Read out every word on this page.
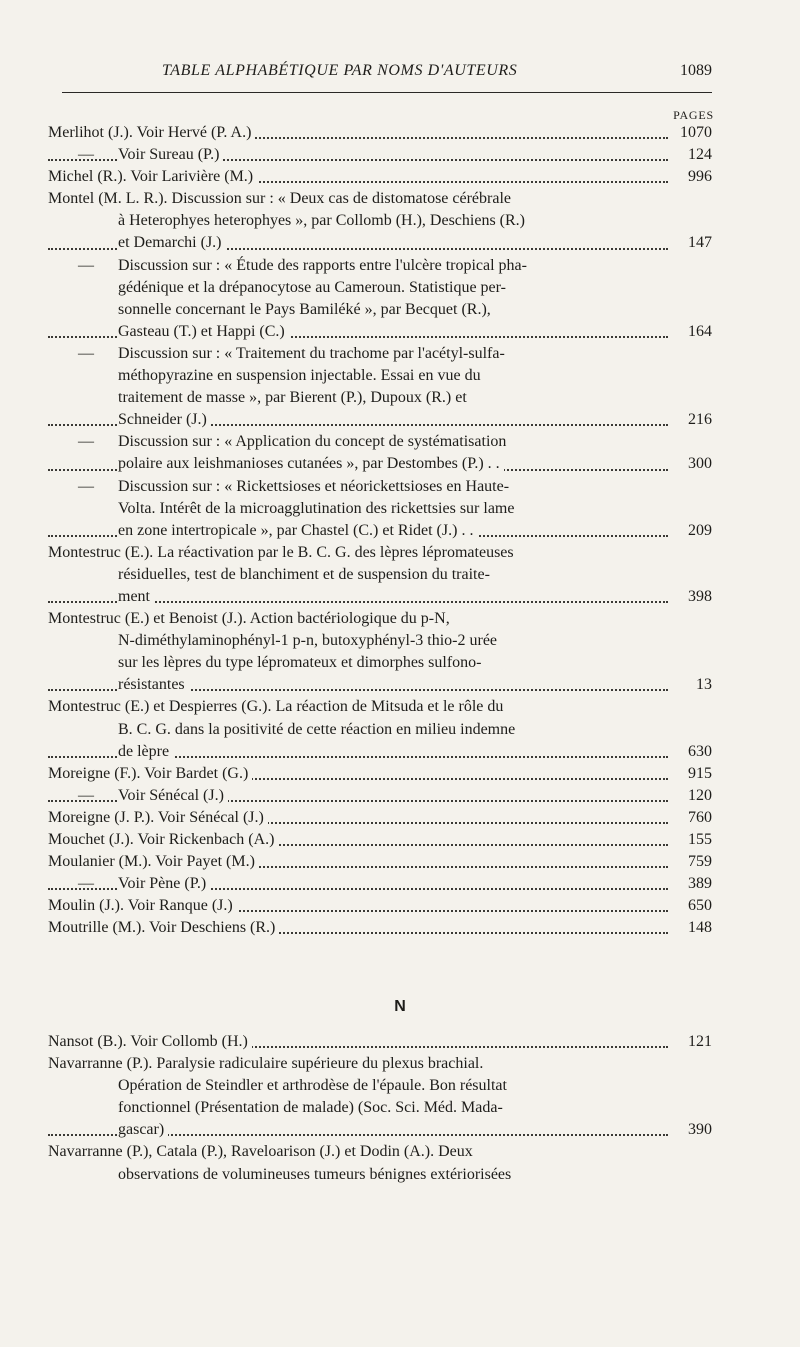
TABLE ALPHABÉTIQUE PAR NOMS D'AUTEURS	1089
PAGES
Merlihot (J.). Voir Hervé (P. A.)	1070
— Voir Sureau (P.)	124
Michel (R.). Voir Larivière (M.)	996
Montel (M. L. R.). Discussion sur : « Deux cas de distomatose cérébrale
à Heterophyes heterophyes », par Collomb (H.), Deschiens (R.)
et Demarchi (J.)	147
— Discussion sur : « Étude des rapports entre l'ulcère tropical pha-
gédénique et la drépanocytose au Cameroun. Statistique per-
sonnelle concernant le Pays Bamiléké », par Becquet (R.),
Gasteau (T.) et Happi (C.)	164
— Discussion sur : « Traitement du trachome par l'acétyl-sulfa-
méthopyrazine en suspension injectable. Essai en vue du
traitement de masse », par Bierent (P.), Dupoux (R.) et
Schneider (J.)	216
— Discussion sur : « Application du concept de systématisation
polaire aux leishmanioses cutanées », par Destombes (P.) . .	300
— Discussion sur : « Rickettsioses et néorickettsioses en Haute-
Volta. Intérêt de la microagglutination des rickettsies sur lame
en zone intertropicale », par Chastel (C.) et Ridet (J.) . .	209
Montestruc (E.). La réactivation par le B. C. G. des lèpres lépromateuses
résiduelles, test de blanchiment et de suspension du traite-
ment	398
Montestruc (E.) et Benoist (J.). Action bactériologique du p-N,
N-diméthylaminophényl-1 p-n, butoxyphényl-3 thio-2 urée
sur les lèpres du type lépromateux et dimorphes sulfono-
résistantes	13
Montestruc (E.) et Despierres (G.). La réaction de Mitsuda et le rôle du
B. C. G. dans la positivité de cette réaction en milieu indemne
de lèpre	630
Moreigne (F.). Voir Bardet (G.)	915
— Voir Sénécal (J.)	120
Moreigne (J. P.). Voir Sénécal (J.)	760
Mouchet (J.). Voir Rickenbach (A.)	155
Moulanier (M.). Voir Payet (M.)	759
— Voir Pène (P.)	389
Moulin (J.). Voir Ranque (J.)	650
Moutrille (M.). Voir Deschiens (R.)	148
N
Nansot (B.). Voir Collomb (H.)	121
Navarranne (P.). Paralysie radiculaire supérieure du plexus brachial.
Opération de Steindler et arthrodèse de l'épaule. Bon résultat
fonctionnel (Présentation de malade) (Soc. Sci. Méd. Mada-
gascar)	390
Navarranne (P.), Catala (P.), Raveloarison (J.) et Dodin (A.). Deux
observations de volumineuses tumeurs bénignes extériorisées
